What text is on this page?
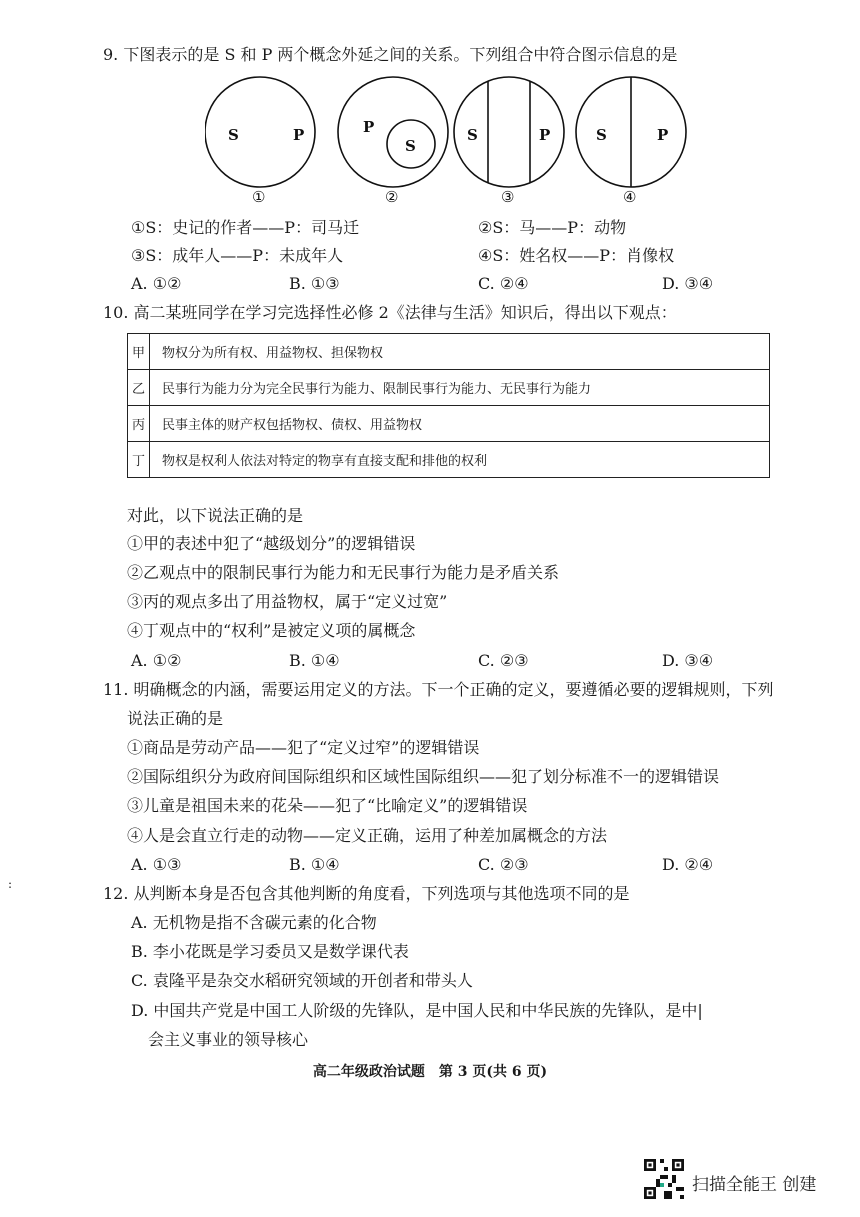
9. 下图表示的是 S 和 P 两个概念外延之间的关系。下列组合中符合图示信息的是
S	P
①
P
S
②
S	P
③
S	P
④
①S：史记的作者——P：司马迁	②S：马——P：动物
③S：成年人——P：未成年人	④S：姓名权——P：肖像权
A. ①②	B. ①③	C. ②④	D. ③④
10. 高二某班同学在学习完选择性必修 2《法律与生活》知识后，得出以下观点：
甲	物权分为所有权、用益物权、担保物权
乙	民事行为能力分为完全民事行为能力、限制民事行为能力、无民事行为能力
丙	民事主体的财产权包括物权、债权、用益物权
丁	物权是权利人依法对特定的物享有直接支配和排他的权利
对此，以下说法正确的是
①甲的表述中犯了“越级划分”的逻辑错误
②乙观点中的限制民事行为能力和无民事行为能力是矛盾关系
③丙的观点多出了用益物权，属于“定义过宽”
④丁观点中的“权利”是被定义项的属概念
A. ①②	B. ①④	C. ②③	D. ③④
11. 明确概念的内涵，需要运用定义的方法。下一个正确的定义，要遵循必要的逻辑规则，下列
说法正确的是
①商品是劳动产品——犯了“定义过窄”的逻辑错误
②国际组织分为政府间国际组织和区域性国际组织——犯了划分标准不一的逻辑错误
③儿童是祖国未来的花朵——犯了“比喻定义”的逻辑错误
④人是会直立行走的动物——定义正确，运用了种差加属概念的方法
A. ①③	B. ①④	C. ②③	D. ②④
:	12. 从判断本身是否包含其他判断的角度看，下列选项与其他选项不同的是
A. 无机物是指不含碳元素的化合物
B. 李小花既是学习委员又是数学课代表
C. 袁隆平是杂交水稻研究领域的开创者和带头人
D. 中国共产党是中国工人阶级的先锋队，是中国人民和中华民族的先锋队，是中|
会主义事业的领导核心
高二年级政治试题　第 3 页(共 6 页)
扫描全能王 创建
